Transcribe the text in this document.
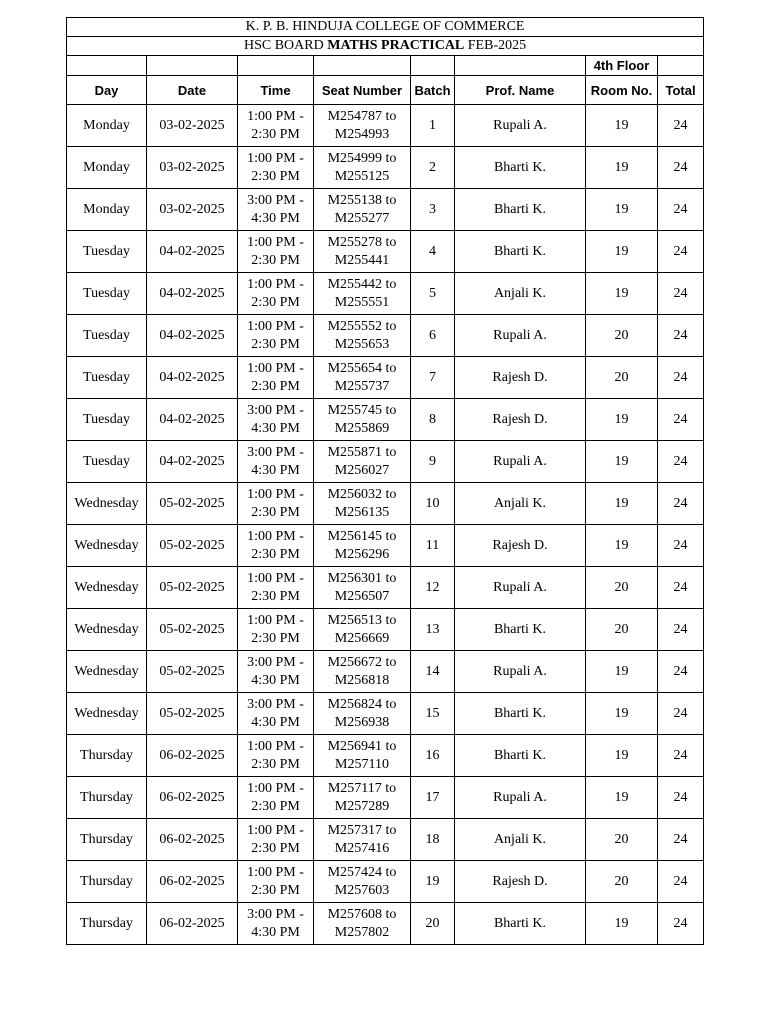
K. P. B. HINDUJA COLLEGE OF COMMERCE							
HSC BOARD MATHS PRACTICAL FEB-2025							
						4th Floor	
Day	Date	Time	Seat Number	Batch	Prof. Name	Room No.	Total
Monday	03-02-2025	1:00 PM -
2:30 PM	M254787 to
M254993	1	Rupali A.	19	24
Monday	03-02-2025	1:00 PM -
2:30 PM	M254999 to
M255125	2	Bharti K.	19	24
Monday	03-02-2025	3:00 PM -
4:30 PM	M255138 to
M255277	3	Bharti K.	19	24
Tuesday	04-02-2025	1:00 PM -
2:30 PM	M255278 to
M255441	4	Bharti K.	19	24
Tuesday	04-02-2025	1:00 PM -
2:30 PM	M255442 to
M255551	5	Anjali K.	19	24
Tuesday	04-02-2025	1:00 PM -
2:30 PM	M255552 to
M255653	6	Rupali A.	20	24
Tuesday	04-02-2025	1:00 PM -
2:30 PM	M255654 to
M255737	7	Rajesh D.	20	24
Tuesday	04-02-2025	3:00 PM -
4:30 PM	M255745 to
M255869	8	Rajesh D.	19	24
Tuesday	04-02-2025	3:00 PM -
4:30 PM	M255871 to
M256027	9	Rupali A.	19	24
Wednesday	05-02-2025	1:00 PM -
2:30 PM	M256032 to
M256135	10	Anjali K.	19	24
Wednesday	05-02-2025	1:00 PM -
2:30 PM	M256145 to
M256296	11	Rajesh D.	19	24
Wednesday	05-02-2025	1:00 PM -
2:30 PM	M256301 to
M256507	12	Rupali A.	20	24
Wednesday	05-02-2025	1:00 PM -
2:30 PM	M256513 to
M256669	13	Bharti K.	20	24
Wednesday	05-02-2025	3:00 PM -
4:30 PM	M256672 to
M256818	14	Rupali A.	19	24
Wednesday	05-02-2025	3:00 PM -
4:30 PM	M256824 to
M256938	15	Bharti K.	19	24
Thursday	06-02-2025	1:00 PM -
2:30 PM	M256941 to
M257110	16	Bharti K.	19	24
Thursday	06-02-2025	1:00 PM -
2:30 PM	M257117 to
M257289	17	Rupali A.	19	24
Thursday	06-02-2025	1:00 PM -
2:30 PM	M257317 to
M257416	18	Anjali K.	20	24
Thursday	06-02-2025	1:00 PM -
2:30 PM	M257424 to
M257603	19	Rajesh D.	20	24
Thursday	06-02-2025	3:00 PM -
4:30 PM	M257608 to
M257802	20	Bharti K.	19	24
